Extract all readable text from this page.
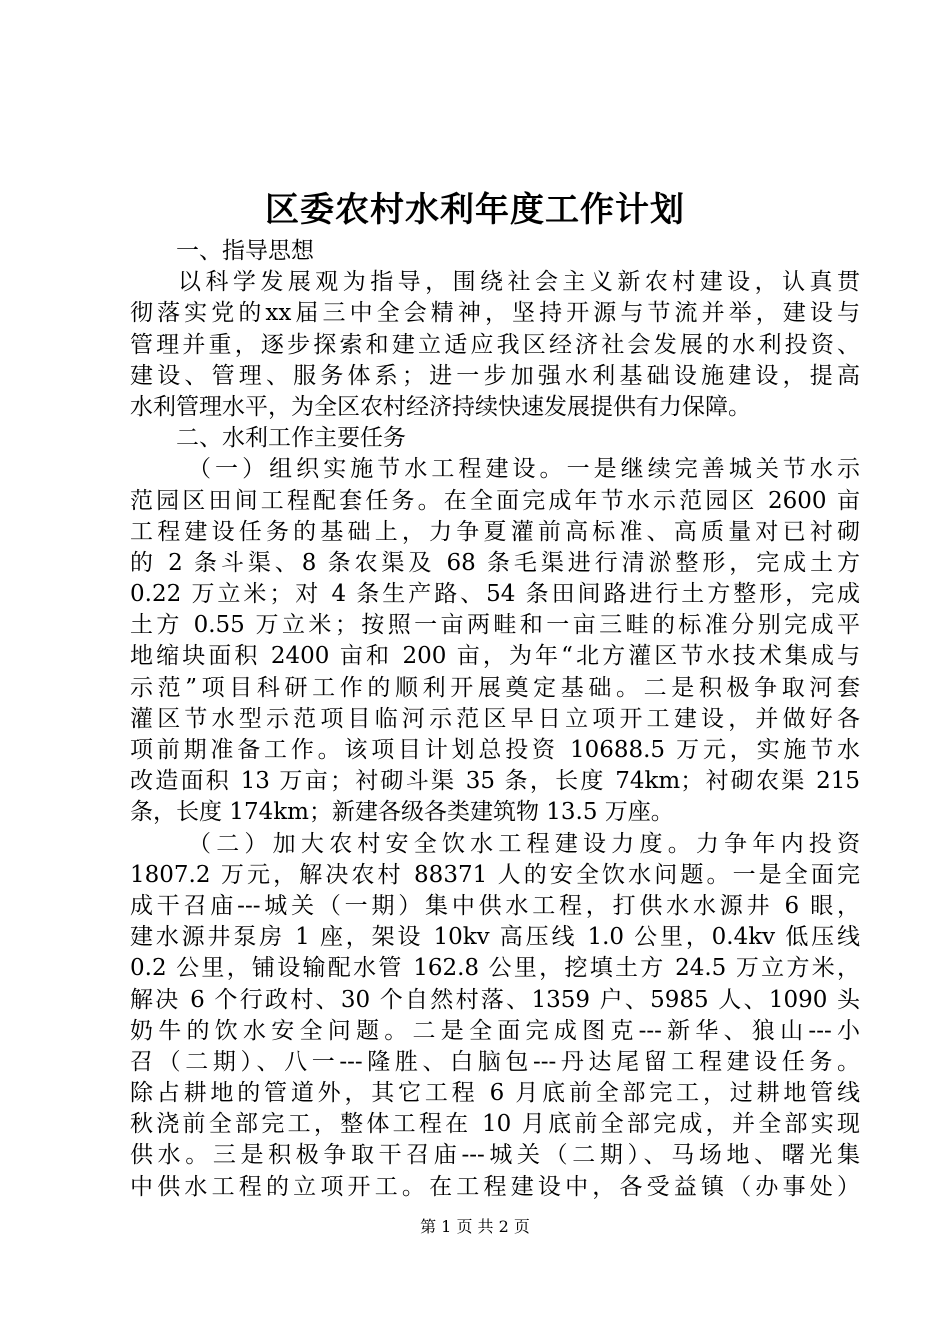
区委农村水利年度工作计划
一、指导思想
以科学发展观为指导，围绕社会主义新农村建设，认真贯
彻落实党的xx届三中全会精神，坚持开源与节流并举，建设与
管理并重，逐步探索和建立适应我区经济社会发展的水利投资、
建设、管理、服务体系；进一步加强水利基础设施建设，提高
水利管理水平，为全区农村经济持续快速发展提供有力保障。
二、水利工作主要任务
（一）组织实施节水工程建设。一是继续完善城关节水示
范园区田间工程配套任务。在全面完成年节水示范园区 2600 亩
工程建设任务的基础上，力争夏灌前高标准、高质量对已衬砌
的 2 条斗渠、8 条农渠及 68 条毛渠进行清淤整形，完成土方
0.22 万立米；对 4 条生产路、54 条田间路进行土方整形，完成
土方 0.55 万立米；按照一亩两畦和一亩三畦的标准分别完成平
地缩块面积 2400 亩和 200 亩，为年“北方灌区节水技术集成与
示范”项目科研工作的顺利开展奠定基础。二是积极争取河套
灌区节水型示范项目临河示范区早日立项开工建设，并做好各
项前期准备工作。该项目计划总投资 10688.5 万元，实施节水
改造面积 13 万亩；衬砌斗渠 35 条，长度 74km；衬砌农渠 215
条，长度 174km；新建各级各类建筑物 13.5 万座。
（二）加大农村安全饮水工程建设力度。力争年内投资
1807.2 万元，解决农村 88371 人的安全饮水问题。一是全面完
成干召庙---城关（一期）集中供水工程，打供水水源井 6 眼，
建水源井泵房 1 座，架设 10kv 高压线 1.0 公里，0.4kv 低压线
0.2 公里，铺设输配水管 162.8 公里，挖填土方 24.5 万立方米，
解决 6 个行政村、30 个自然村落、1359 户、5985 人、1090 头
奶牛的饮水安全问题。二是全面完成图克---新华、狼山---小
召（二期）、八一---隆胜、白脑包---丹达尾留工程建设任务。
除占耕地的管道外，其它工程 6 月底前全部完工，过耕地管线
秋浇前全部完工，整体工程在 10 月底前全部完成，并全部实现
供水。三是积极争取干召庙---城关（二期）、马场地、曙光集
中供水工程的立项开工。在工程建设中，各受益镇（办事处）
第 1 页 共 2 页
